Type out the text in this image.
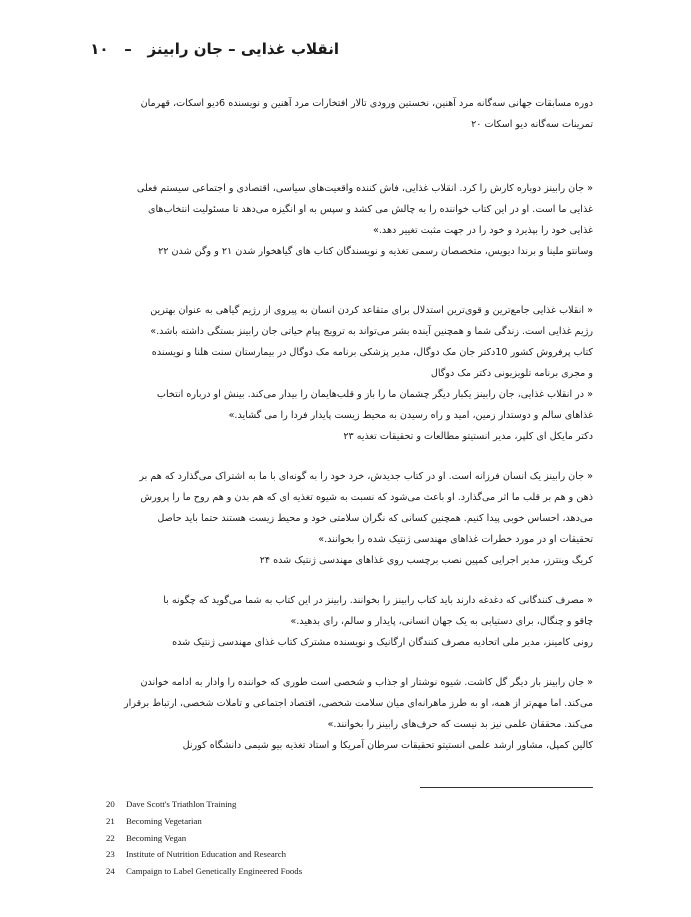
انقلاب غذایی – جان رابینز   –   ۱۰
دوره مسابقات جهانی سه‌گانه مرد آهنین، نخستین ورودی تالار افتخارات مرد آهنین و نویسنده 6دیو اسکات، قهرمان
تمرینات سه‌گانه دیو اسکات ۲۰
« جان رابینز دوباره کارش را کرد. انقلاب غذایی، فاش کننده واقعیت‌های سیاسی، اقتصادی و اجتماعی سیستم فعلی
غذایی ما است. او در این کتاب خواننده را به چالش می کشد و سپس به او انگیزه می‌دهد تا مسئولیت انتخاب‌های
غذایی خود را بپذیرد و خود را در جهت مثبت تغییر دهد.»
وسانتو ملینا و برندا دیویس، متخصصان رسمی تغذیه و نویسندگان کتاب های گیاهخوار شدن ۲۱ و وگن شدن ۲۲
« انقلاب غذایی جامع‌ترین و قوی‌ترین استدلال برای متقاعد کردن انسان به پیروی از رژیم گیاهی به عنوان بهترین
رژیم غذایی است. زندگی شما و همچنین آینده بشر می‌تواند به ترویج پیام حیاتی جان رابینز بستگی داشته باشد.»
کتاب پرفروش کشور 10دکتر جان مک دوگال، مدیر پزشکی برنامه مک دوگال در بیمارستان سنت هلنا و نویسنده
و مجری برنامه تلویزیونی دکتر مک دوگال
« در انقلاب غذایی، جان رابینز یکبار دیگر چشمان ما را باز و قلب‌هایمان را بیدار می‌کند. بینش او درباره انتخاب
غذاهای سالم و دوستدار زمین، امید و راه رسیدن به محیط زیست پایدار فردا را می گشاید.»
دکتر مایکل ای کلپر، مدیر انستیتو مطالعات و تحقیقات تغذیه ۲۳
« جان رابینز یک انسان فرزانه است. او در کتاب جدیدش، خرد خود را به گونه‌ای با ما به اشتراک می‌گذارد که هم بر
ذهن و هم بر قلب ما اثر می‌گذارد. او باعث می‌شود که نسبت به شیوه تغذیه ای که هم بدن و هم روح ما را پرورش
می‌دهد، احساس خوبی پیدا کنیم. همچنین کسانی که نگران سلامتی خود و محیط زیست هستند حتما باید حاصل
تحقیقات او در مورد خطرات غذاهای مهندسی ژنتیک شده را بخوانند.»
کریگ وینترز، مدیر اجرایی کمپین نصب برچسب روی غذاهای مهندسی ژنتیک شده ۲۴
« مصرف کنندگانی که دغدغه دارند باید کتاب رابینز را بخوانند. رابینز در این کتاب به شما می‌گوید که چگونه با
چاقو و چنگال، برای دستیابی به یک جهان انسانی، پایدار و سالم، رای بدهید.»
رونی کامینز، مدیر ملی اتحادیه مصرف کنندگان ارگانیک و نویسنده مشترک کتاب غذای مهندسی ژنتیک شده
« جان رابینز بار دیگر گل کاشت. شیوه نوشتار او جذاب و شخصی است طوری که خواننده را وادار به ادامه خواندن
می‌کند. اما مهم‌تر از همه، او به طرز ماهرانه‌ای میان سلامت شخصی، اقتصاد اجتماعی و تاملات شخصی، ارتباط برقرار
می‌کند. محققان علمی نیز بد نیست که حرف‌های رابینز را بخوانند.»
کالین کمپل، مشاور ارشد علمی انستیتو تحقیقات سرطان آمریکا و استاد تغذیه بیو شیمی دانشگاه کورنل
20 Dave Scott's Triathlon Training
21 Becoming Vegetarian
22 Becoming Vegan
23 Institute of Nutrition Education and Research
24 Campaign to Label Genetically Engineered Foods
